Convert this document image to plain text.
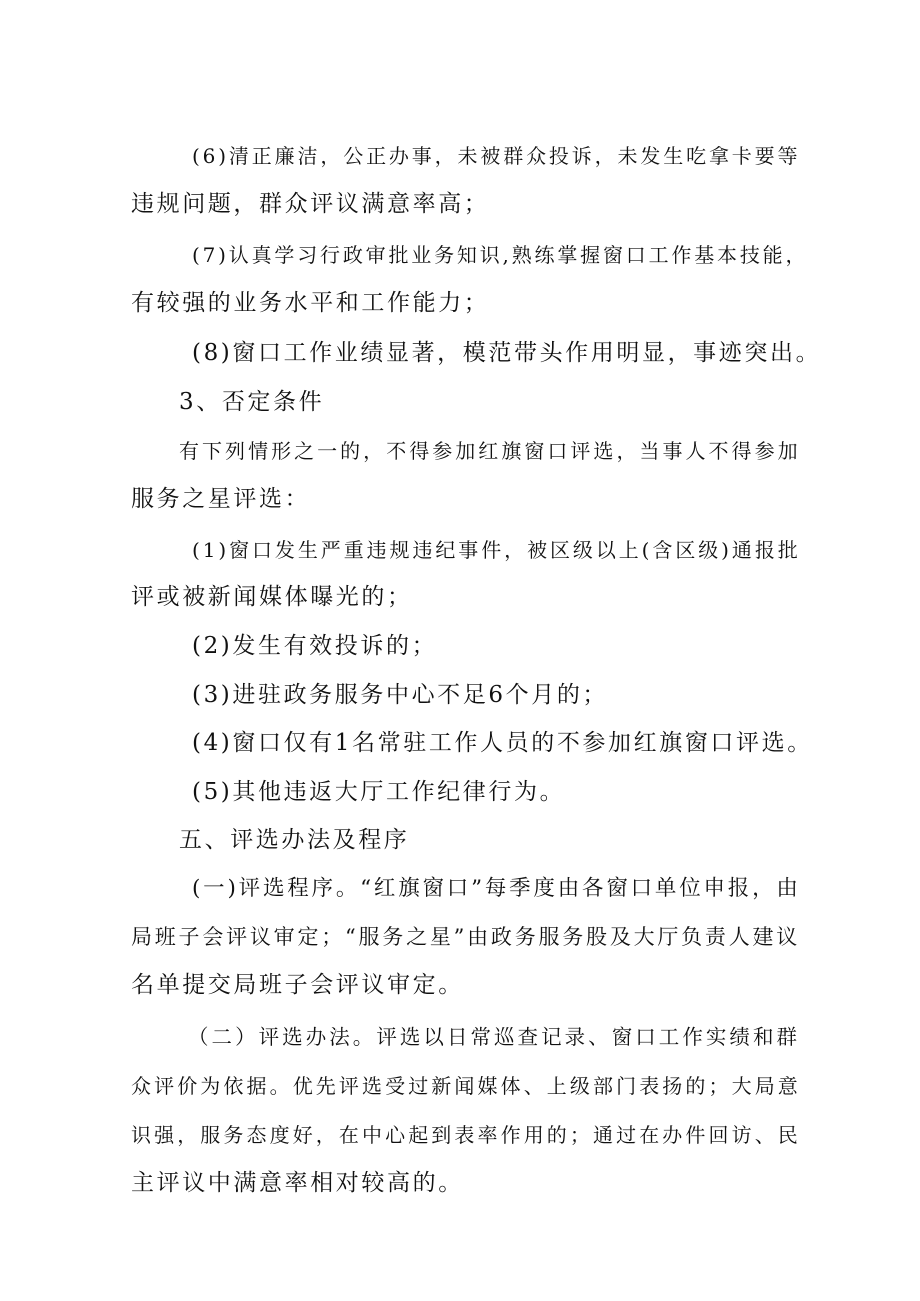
(6)清正廉洁，公正办事，未被群众投诉，未发生吃拿卡要等
违规问题，群众评议满意率高；
(7)认真学习行政审批业务知识,熟练掌握窗口工作基本技能，
有较强的业务水平和工作能力；
(8)窗口工作业绩显著，模范带头作用明显，事迹突出。
3、否定条件
有下列情形之一的，不得参加红旗窗口评选，当事人不得参加
服务之星评选：
(1)窗口发生严重违规违纪事件，被区级以上(含区级)通报批
评或被新闻媒体曝光的；
(2)发生有效投诉的；
(3)进驻政务服务中心不足6个月的；
(4)窗口仅有1名常驻工作人员的不参加红旗窗口评选。
(5)其他违返大厅工作纪律行为。
五、评选办法及程序
(一)评选程序。“红旗窗口”每季度由各窗口单位申报，由
局班子会评议审定；“服务之星”由政务服务股及大厅负责人建议
名单提交局班子会评议审定。
（二）评选办法。评选以日常巡查记录、窗口工作实绩和群
众评价为依据。优先评选受过新闻媒体、上级部门表扬的；大局意
识强，服务态度好，在中心起到表率作用的；通过在办件回访、民
主评议中满意率相对较高的。
